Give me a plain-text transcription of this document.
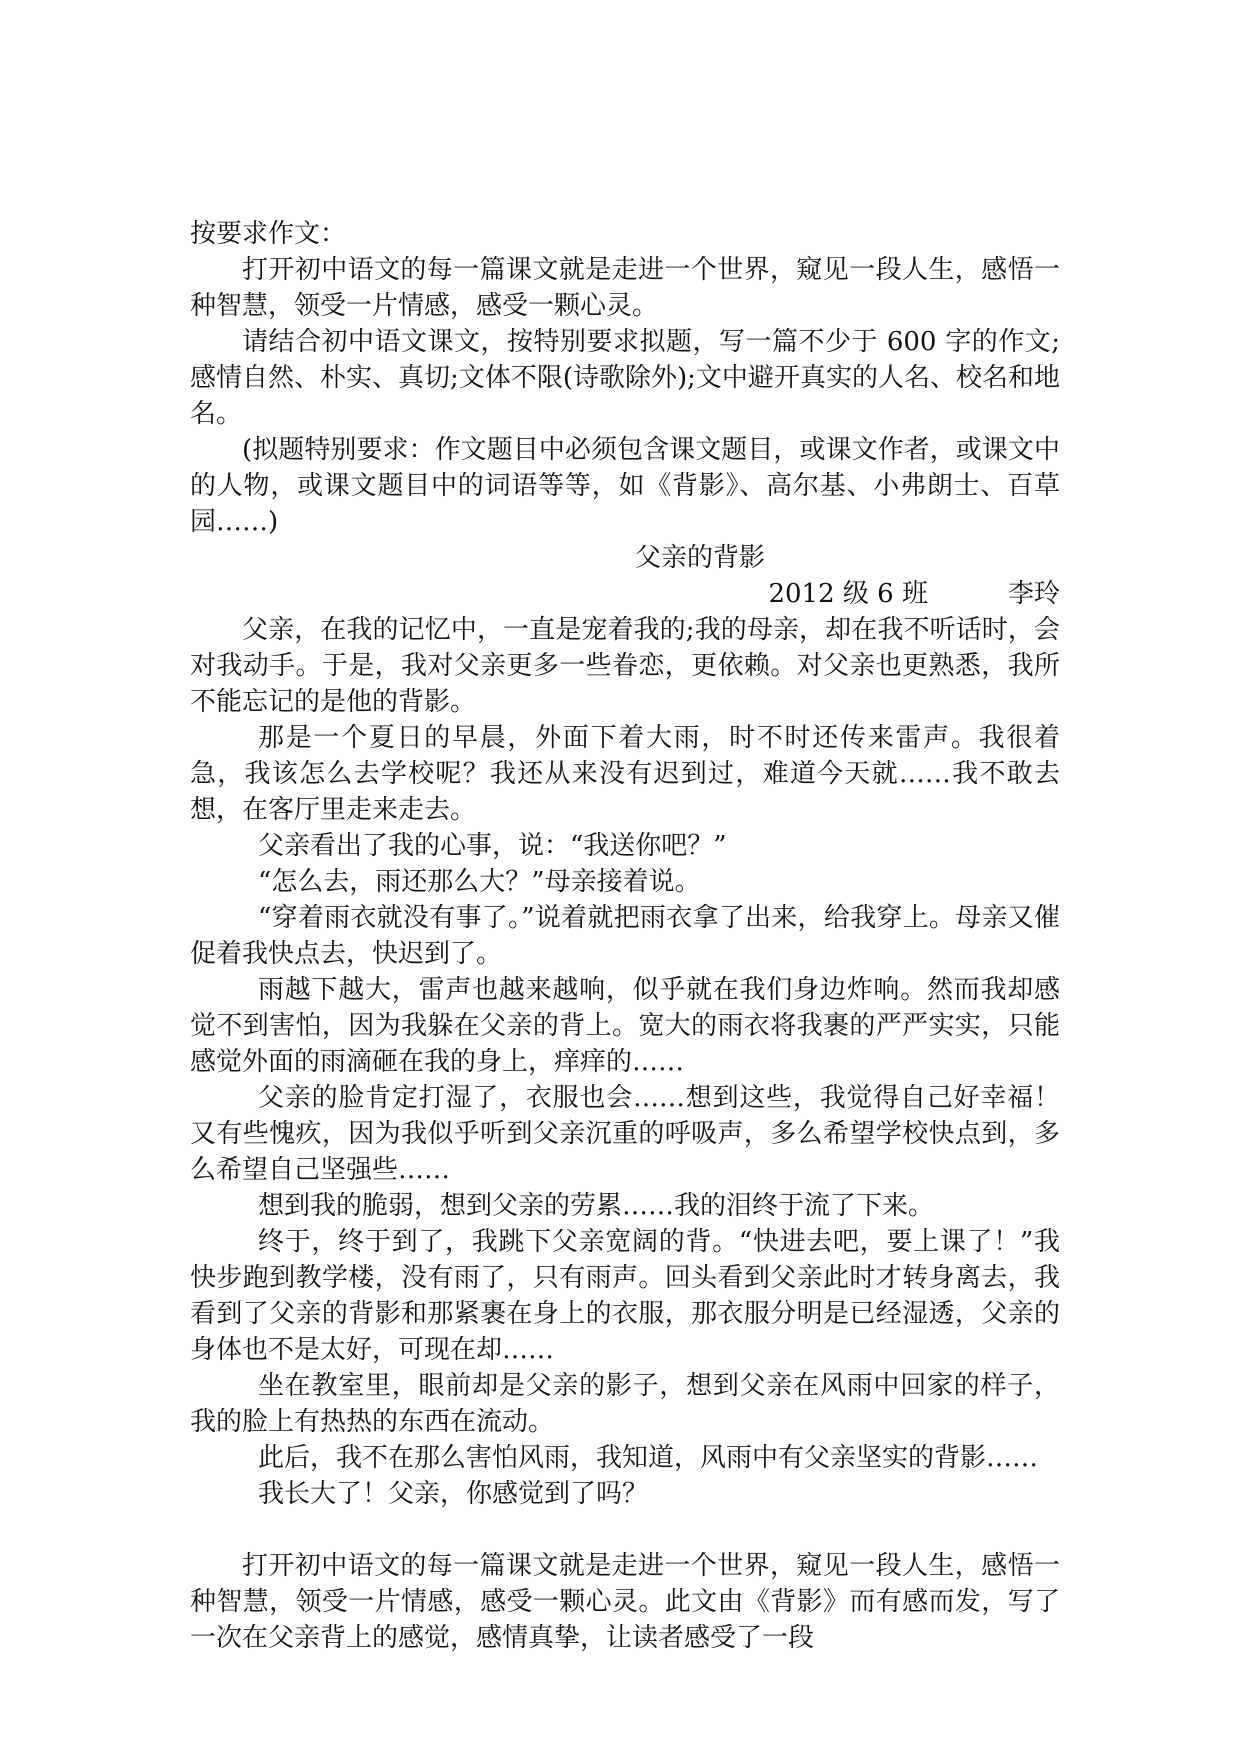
按要求作文：

打开初中语文的每一篇课文就是走进一个世界，窥见一段人生，感悟一种智慧，领受一片情感，感受一颗心灵。

请结合初中语文课文，按特别要求拟题，写一篇不少于 600 字的作文;感情自然、朴实、真切;文体不限(诗歌除外);文中避开真实的人名、校名和地名。

(拟题特别要求：作文题目中必须包含课文题目，或课文作者，或课文中的人物，或课文题目中的词语等等，如《背影》、高尔基、小弗朗士、百草园……)

父亲的背影

2012 级 6 班	李玲

父亲，在我的记忆中，一直是宠着我的;我的母亲，却在我不听话时，会对我动手。于是，我对父亲更多一些眷恋，更依赖。对父亲也更熟悉，我所不能忘记的是他的背影。

那是一个夏日的早晨，外面下着大雨，时不时还传来雷声。我很着急，我该怎么去学校呢？我还从来没有迟到过，难道今天就……我不敢去想，在客厅里走来走去。

父亲看出了我的心事，说：“我送你吧？”

“怎么去，雨还那么大？”母亲接着说。

“穿着雨衣就没有事了。”说着就把雨衣拿了出来，给我穿上。母亲又催促着我快点去，快迟到了。

雨越下越大，雷声也越来越响，似乎就在我们身边炸响。然而我却感觉不到害怕，因为我躲在父亲的背上。宽大的雨衣将我裹的严严实实，只能感觉外面的雨滴砸在我的身上，痒痒的……

父亲的脸肯定打湿了，衣服也会……想到这些，我觉得自己好幸福！又有些愧疚，因为我似乎听到父亲沉重的呼吸声，多么希望学校快点到，多么希望自己坚强些……

想到我的脆弱，想到父亲的劳累……我的泪终于流了下来。

终于，终于到了，我跳下父亲宽阔的背。“快进去吧，要上课了！”我快步跑到教学楼，没有雨了，只有雨声。回头看到父亲此时才转身离去，我看到了父亲的背影和那紧裹在身上的衣服，那衣服分明是已经湿透，父亲的身体也不是太好，可现在却……

坐在教室里，眼前却是父亲的影子，想到父亲在风雨中回家的样子，我的脸上有热热的东西在流动。

此后，我不在那么害怕风雨，我知道，风雨中有父亲坚实的背影……

我长大了！父亲，你感觉到了吗？

打开初中语文的每一篇课文就是走进一个世界，窥见一段人生，感悟一种智慧，领受一片情感，感受一颗心灵。此文由《背影》而有感而发，写了一次在父亲背上的感觉，感情真挚，让读者感受了一段
